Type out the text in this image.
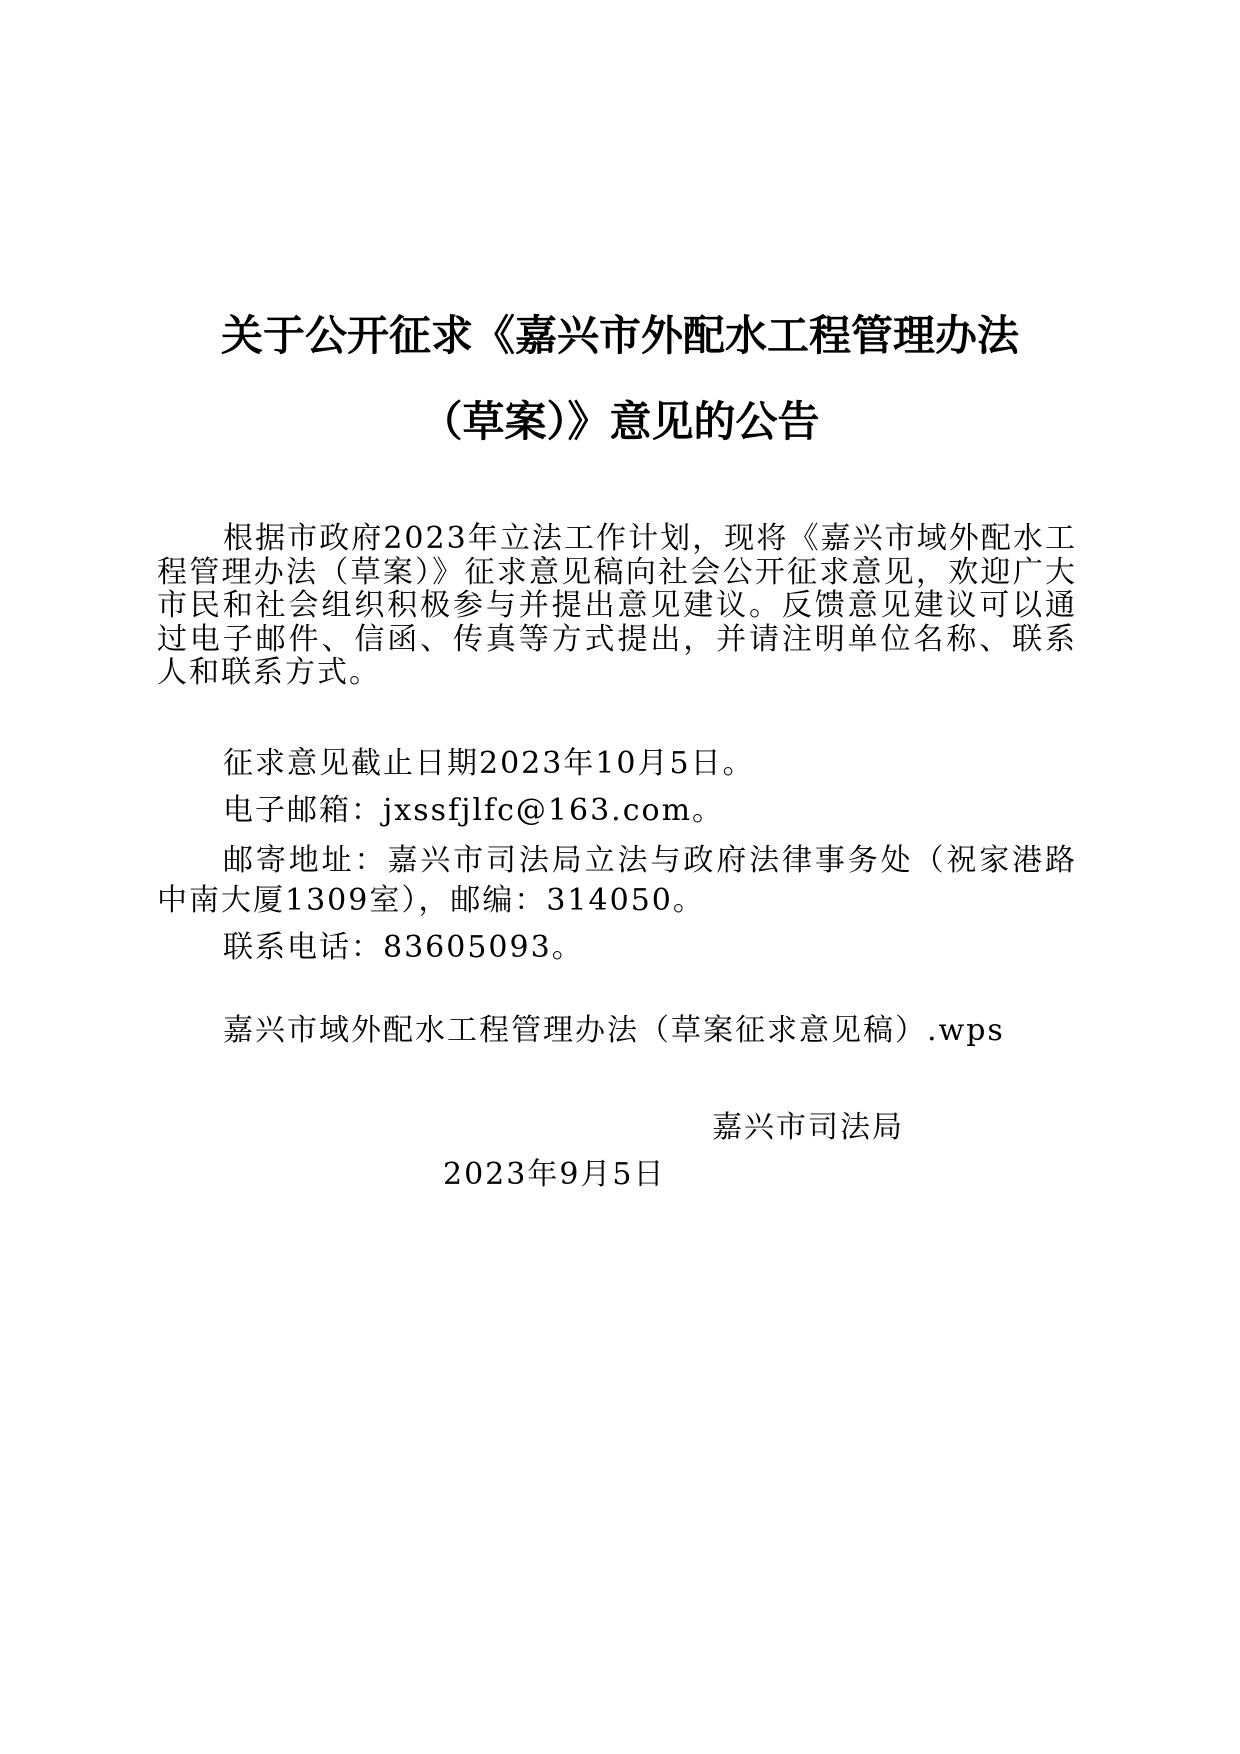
关于公开征求《嘉兴市外配水工程管理办法
（草案）》意见的公告

根据市政府2023年立法工作计划，现将《嘉兴市域外配水工程管理办法（草案）》征求意见稿向社会公开征求意见，欢迎广大市民和社会组织积极参与并提出意见建议。反馈意见建议可以通过电子邮件、信函、传真等方式提出，并请注明单位名称、联系人和联系方式。

征求意见截止日期2023年10月5日。
电子邮箱：jxssfjlfc@163.com。

邮寄地址：嘉兴市司法局立法与政府法律事务处（祝家港路中南大厦1309室），邮编：314050。

联系电话：83605093。
嘉兴市域外配水工程管理办法（草案征求意见稿）.wps
嘉兴市司法局
2023年9月5日
